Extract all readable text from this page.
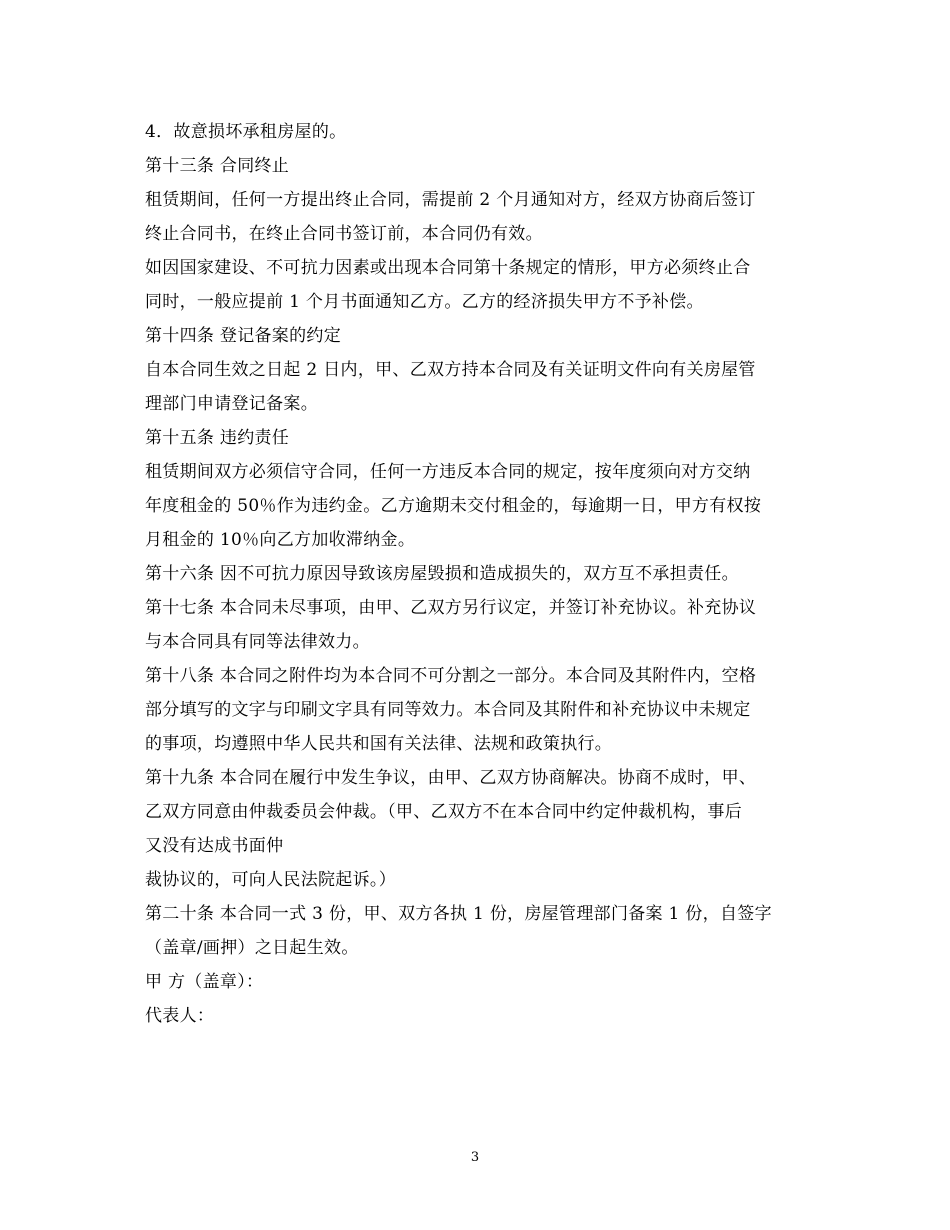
4．故意损坏承租房屋的。
第十三条 合同终止
租赁期间，任何一方提出终止合同，需提前 2 个月通知对方，经双方协商后签订
终止合同书，在终止合同书签订前，本合同仍有效。
如因国家建设、不可抗力因素或出现本合同第十条规定的情形，甲方必须终止合
同时，一般应提前 1 个月书面通知乙方。乙方的经济损失甲方不予补偿。
第十四条 登记备案的约定
自本合同生效之日起 2 日内，甲、乙双方持本合同及有关证明文件向有关房屋管
理部门申请登记备案。
第十五条 违约责任
租赁期间双方必须信守合同，任何一方违反本合同的规定，按年度须向对方交纳
年度租金的 50％作为违约金。乙方逾期未交付租金的，每逾期一日，甲方有权按
月租金的 10％向乙方加收滞纳金。
第十六条 因不可抗力原因导致该房屋毁损和造成损失的，双方互不承担责任。
第十七条 本合同未尽事项，由甲、乙双方另行议定，并签订补充协议。补充协议
与本合同具有同等法律效力。
第十八条 本合同之附件均为本合同不可分割之一部分。本合同及其附件内，空格
部分填写的文字与印刷文字具有同等效力。本合同及其附件和补充协议中未规定
的事项，均遵照中华人民共和国有关法律、法规和政策执行。
第十九条 本合同在履行中发生争议，由甲、乙双方协商解决。协商不成时，甲、
乙双方同意由仲裁委员会仲裁。（甲、乙双方不在本合同中约定仲裁机构，事后
又没有达成书面仲
裁协议的，可向人民法院起诉。）
第二十条 本合同一式 3 份，甲、双方各执 1 份，房屋管理部门备案 1 份，自签字
（盖章/画押）之日起生效。
甲 方（盖章）：
代表人：
3
